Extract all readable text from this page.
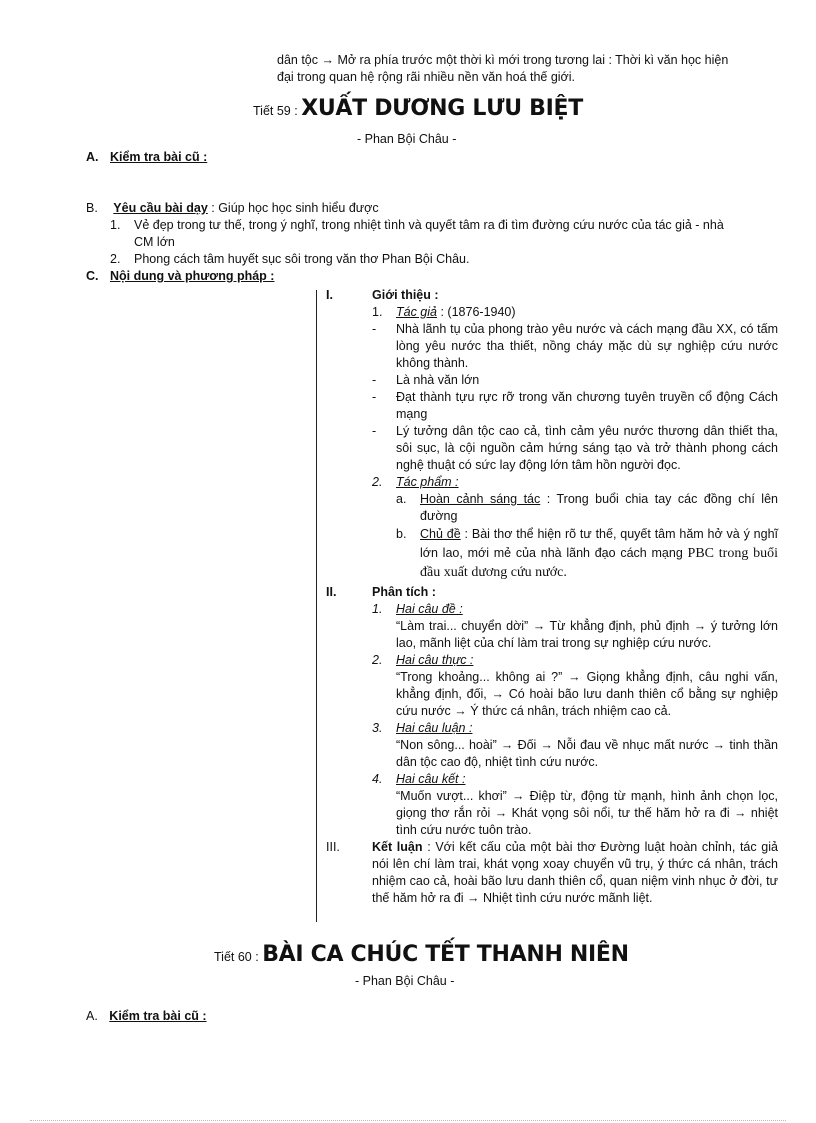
dân tộc → Mở ra phía trước một thời kì mới trong tương lai : Thời kì văn học hiện
đại trong quan hệ rộng rãi nhiều nền văn hoá thế giới.
Tiết 59 : XUẤT DƯƠNG LƯU BIỆT
- Phan Bội Châu -
A. Kiểm tra bài cũ :
B. Yêu cầu bài dạy : Giúp học học sinh hiểu được
1. Vẻ đẹp trong tư thế, trong ý nghĩ, trong nhiệt tình và quyết tâm ra đi tìm đường cứu nước của tác giả - nhà
CM lớn
2. Phong cách tâm huyết sục sôi trong văn thơ Phan Bội Châu.
C. Nội dung và phương pháp :
I.	Giới thiệu :
1. Tác giả : (1876-1940)
- Nhà lãnh tụ của phong trào yêu nước và cách mạng đầu XX, có tấm lòng yêu nước tha thiết, nồng cháy mặc dù sự nghiệp cứu nước không thành.
- Là nhà văn lớn
- Đạt thành tựu rực rỡ trong văn chương tuyên truyền cổ động Cách mạng
- Lý tưởng dân tộc cao cả, tình cảm yêu nước thương dân thiết tha, sôi sục, là cội nguồn cảm hứng sáng tạo và trở thành phong cách nghệ thuật có sức lay động lớn tâm hồn người đọc.
2. Tác phẩm :
a. Hoàn cảnh sáng tác : Trong buổi chia tay các đồng chí lên đường
b. Chủ đề : Bài thơ thể hiện rõ tư thế, quyết tâm hăm hở và ý nghĩ lớn lao, mới mẻ của nhà lãnh đạo cách mạng PBC trong buổi đầu xuất dương cứu nước.
II.	Phân tích :
1. Hai câu đề :
“Làm trai... chuyển dời” → Từ khẳng định, phủ định → ý tưởng lớn lao, mãnh liệt của chí làm trai trong sự nghiệp cứu nước.
2. Hai câu thực :
“Trong khoảng... không ai ?” → Giọng khẳng định, câu nghi vấn, khẳng định, đối, → Có hoài bão lưu danh thiên cổ bằng sự nghiệp cứu nước → Ý thức cá nhân, trách nhiệm cao cả.
3. Hai câu luận :
“Non sông... hoài” → Đối → Nỗi đau về nhục mất nước → tinh thần dân tộc cao độ, nhiệt tình cứu nước.
4. Hai câu kết :
“Muốn vượt... khơi” → Điệp từ, động từ mạnh, hình ảnh chọn lọc, giọng thơ rắn rỏi → Khát vọng sôi nổi, tư thế hăm hở ra đi → nhiệt tình cứu nước tuôn trào.
III.	Kết luận : Với kết cấu của một bài thơ Đường luật hoàn chỉnh, tác giả nói lên chí làm trai, khát vọng xoay chuyển vũ trụ, ý thức cá nhân, trách nhiệm cao cả, hoài bão lưu danh thiên cổ, quan niệm vinh nhục ở đời, tư thế hăm hở ra đi → Nhiệt tình cứu nước mãnh liệt.
Tiết 60 : BÀI CA CHÚC TẾT THANH NIÊN
- Phan Bội Châu -
A. Kiểm tra bài cũ :
